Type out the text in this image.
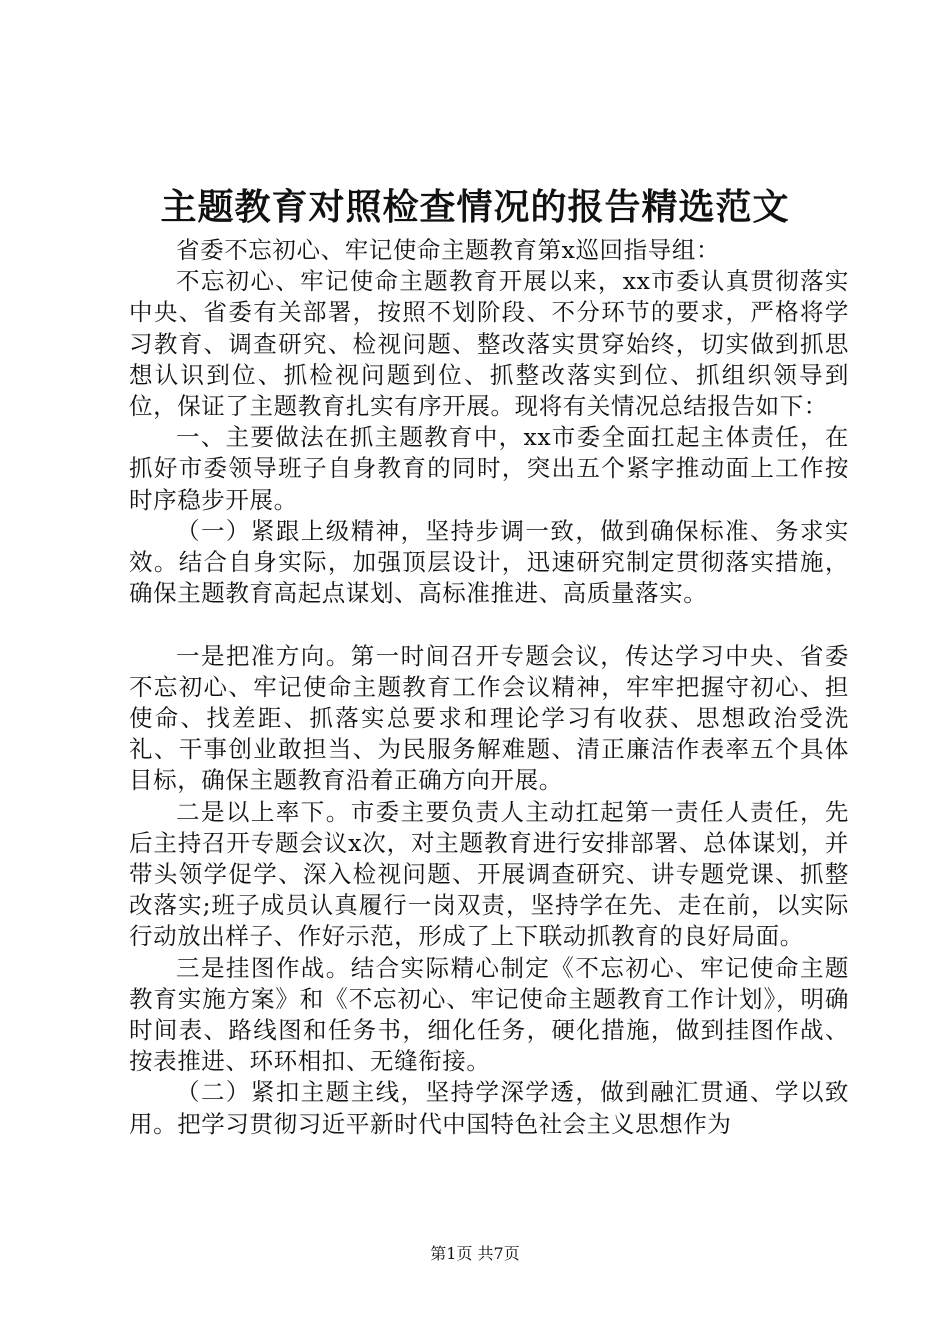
主题教育对照检查情况的报告精选范文

省委不忘初心、牢记使命主题教育第x巡回指导组：

不忘初心、牢记使命主题教育开展以来，xx市委认真贯彻落实中央、省委有关部署，按照不划阶段、不分环节的要求，严格将学习教育、调查研究、检视问题、整改落实贯穿始终，切实做到抓思想认识到位、抓检视问题到位、抓整改落实到位、抓组织领导到位，保证了主题教育扎实有序开展。现将有关情况总结报告如下：

一、主要做法在抓主题教育中，xx市委全面扛起主体责任，在抓好市委领导班子自身教育的同时，突出五个紧字推动面上工作按时序稳步开展。

（一）紧跟上级精神，坚持步调一致，做到确保标准、务求实效。结合自身实际，加强顶层设计，迅速研究制定贯彻落实措施，确保主题教育高起点谋划、高标准推进、高质量落实。

一是把准方向。第一时间召开专题会议，传达学习中央、省委不忘初心、牢记使命主题教育工作会议精神，牢牢把握守初心、担使命、找差距、抓落实总要求和理论学习有收获、思想政治受洗礼、干事创业敢担当、为民服务解难题、清正廉洁作表率五个具体目标，确保主题教育沿着正确方向开展。

二是以上率下。市委主要负责人主动扛起第一责任人责任，先后主持召开专题会议x次，对主题教育进行安排部署、总体谋划，并带头领学促学、深入检视问题、开展调查研究、讲专题党课、抓整改落实;班子成员认真履行一岗双责，坚持学在先、走在前，以实际行动放出样子、作好示范，形成了上下联动抓教育的良好局面。

三是挂图作战。结合实际精心制定《不忘初心、牢记使命主题教育实施方案》和《不忘初心、牢记使命主题教育工作计划》，明确时间表、路线图和任务书，细化任务，硬化措施，做到挂图作战、按表推进、环环相扣、无缝衔接。

（二）紧扣主题主线，坚持学深学透，做到融汇贯通、学以致用。把学习贯彻习近平新时代中国特色社会主义思想作为

第1页 共7页
